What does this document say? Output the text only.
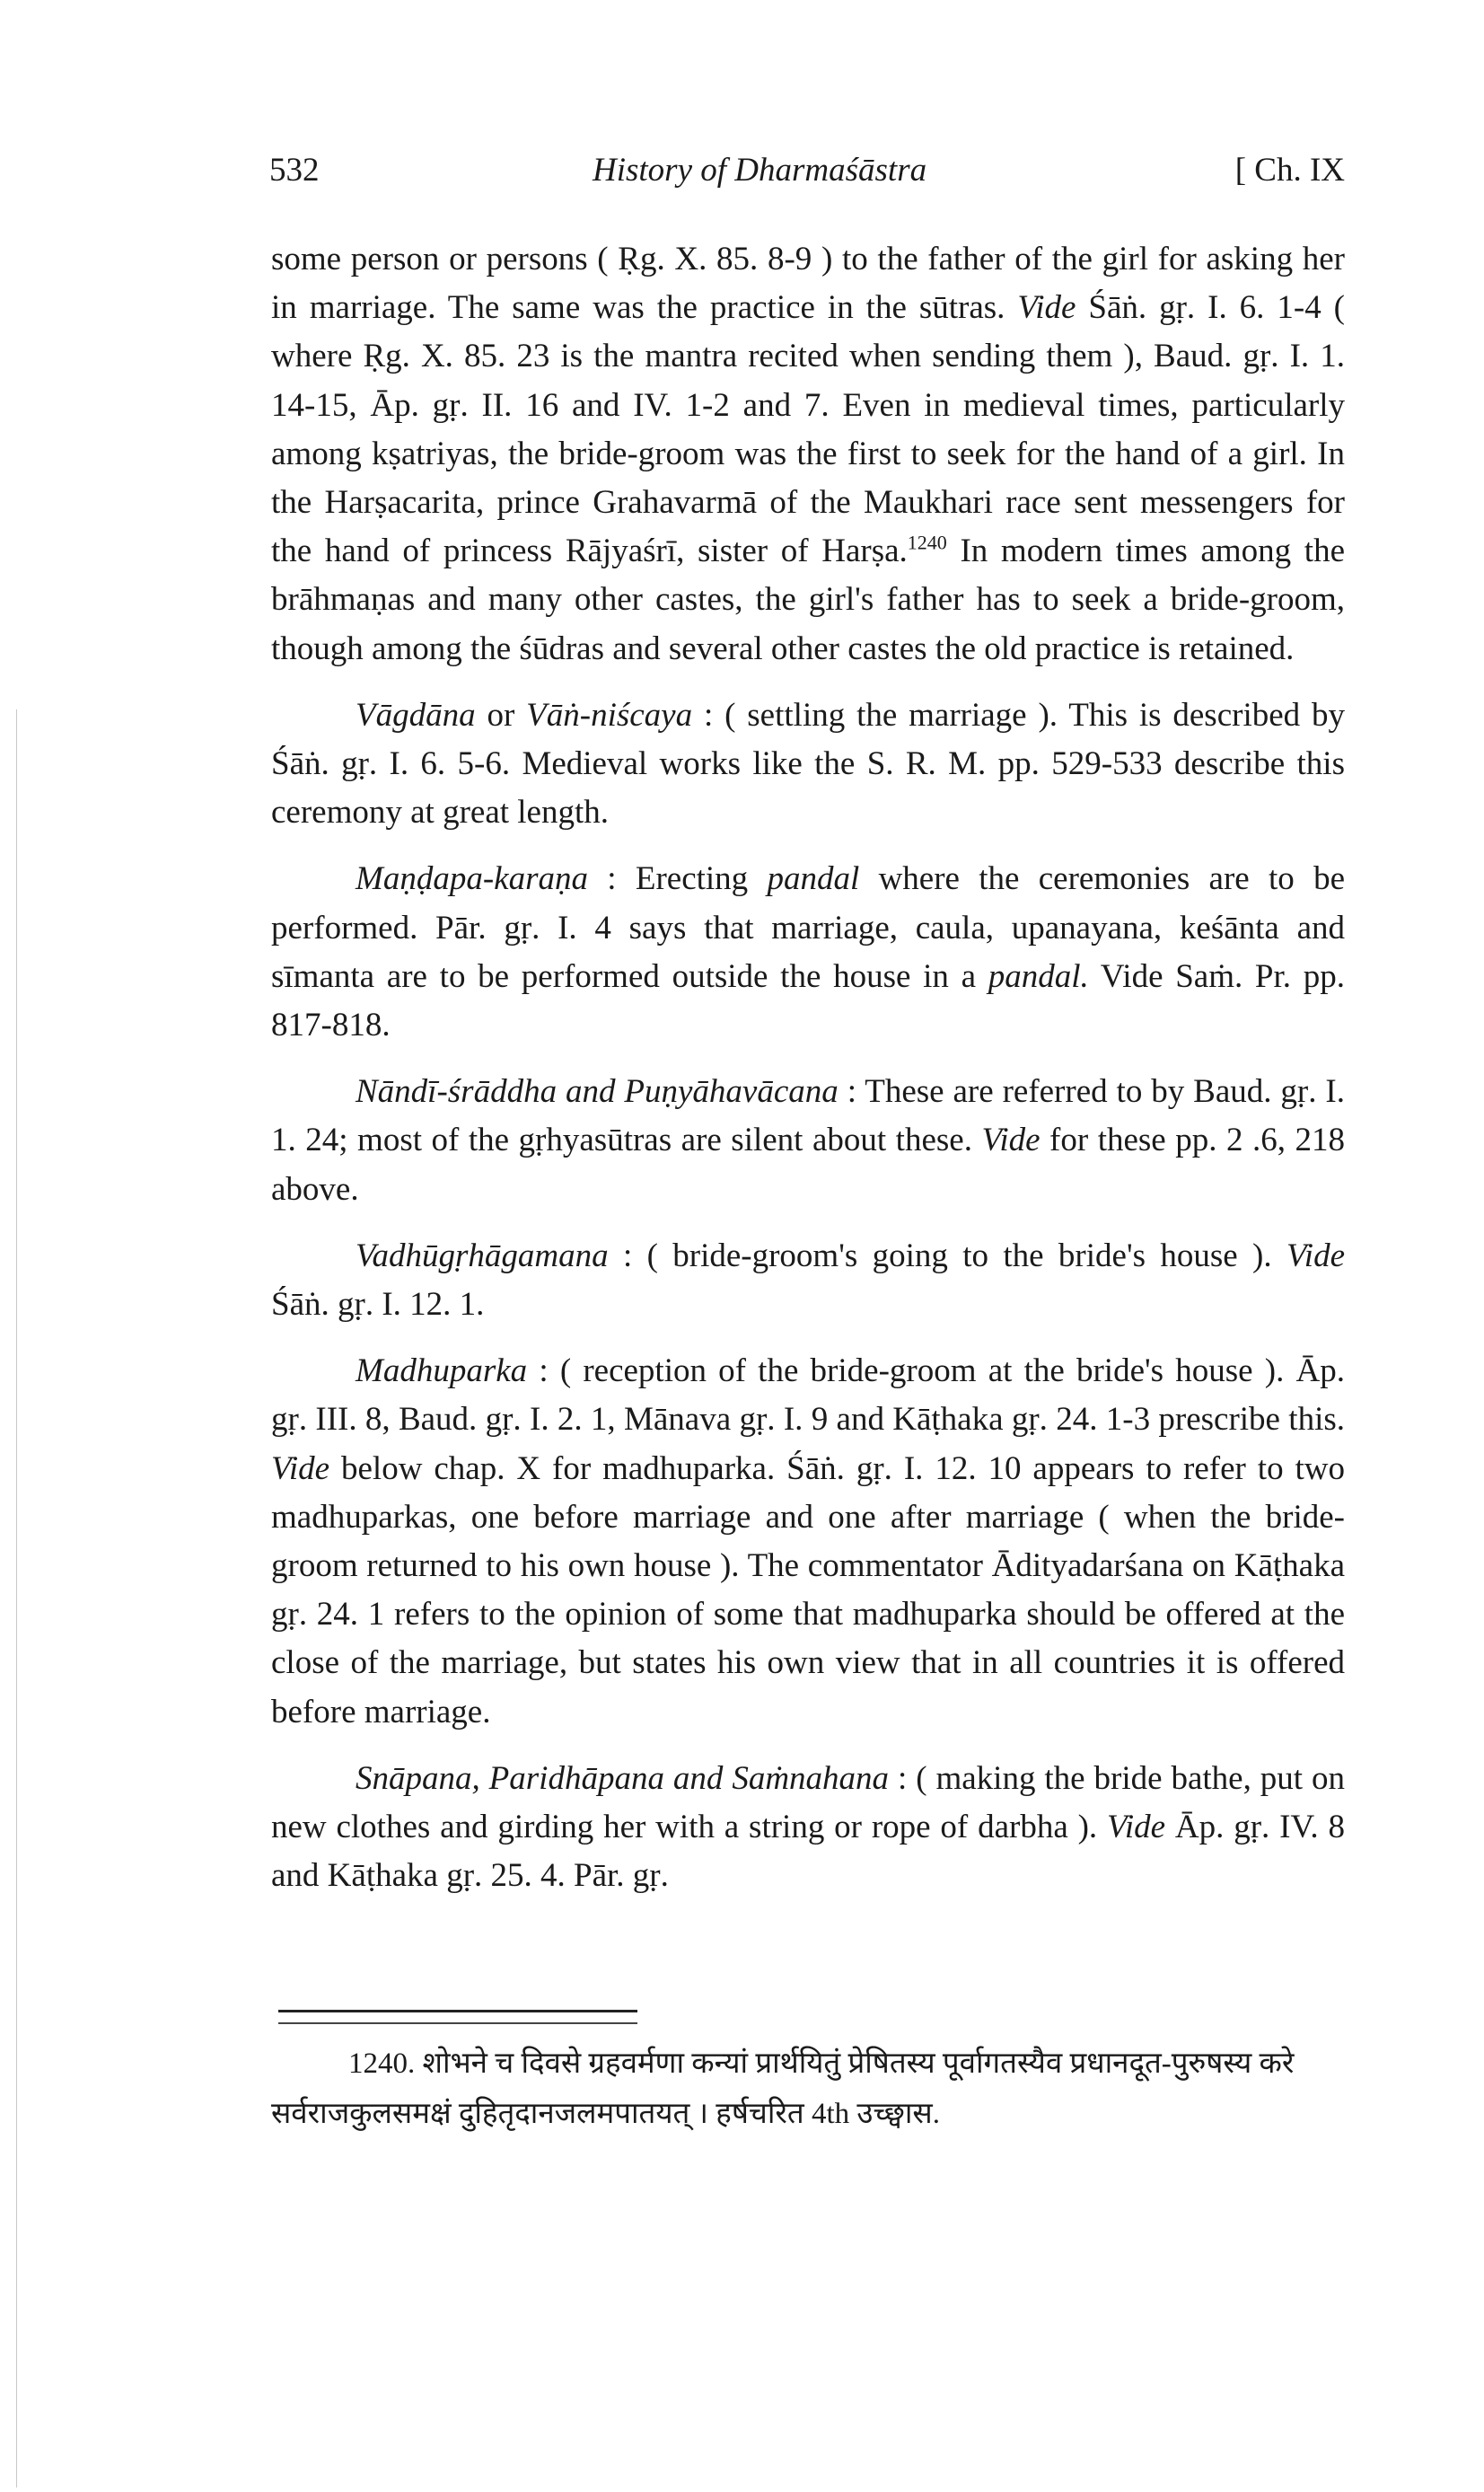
532	History of Dharmaśāstra	[ Ch. IX

some person or persons ( Ṛg. X. 85. 8-9 ) to the father of the girl for asking her in marriage. The same was the practice in the sūtras. Vide Śāṅ. gṛ. I. 6. 1-4 ( where Ṛg. X. 85. 23 is the mantra recited when sending them ), Baud. gṛ. I. 1. 14-15, Āp. gṛ. II. 16 and IV. 1-2 and 7. Even in medieval times, particularly among kṣatriyas, the bride-groom was the first to seek for the hand of a girl. In the Harṣacarita, prince Grahavarmā of the Maukhari race sent messengers for the hand of princess Rājyaśrī, sister of Harṣa.$^{1240}$ In modern times among the brāhmaṇas and many other castes, the girl's father has to seek a bride-groom, though among the śūdras and several other castes the old practice is retained.

Vāgdāna or Vāṅ-niścaya : ( settling the marriage ). This is described by Śāṅ. gṛ. I. 6. 5-6. Medieval works like the S. R. M. pp. 529-533 describe this ceremony at great length.

Maṇḍapa-karaṇa : Erecting pandal where the ceremonies are to be performed. Pār. gṛ. I. 4 says that marriage, caula, upanayana, keśānta and sīmanta are to be performed outside the house in a pandal. Vide Saṁ. Pr. pp. 817-818.

Nāndī-śrāddha and Puṇyāhavācana : These are referred to by Baud. gṛ. I. 1. 24; most of the gṛhyasūtras are silent about these. Vide for these pp. 2 .6, 218 above.

Vadhūgṛhāgamana : ( bride-groom's going to the bride's house ). Vide Śāṅ. gṛ. I. 12. 1.

Madhuparka : ( reception of the bride-groom at the bride's house ). Āp. gṛ. III. 8, Baud. gṛ. I. 2. 1, Mānava gṛ. I. 9 and Kāṭhaka gṛ. 24. 1-3 prescribe this. Vide below chap. X for madhuparka. Śāṅ. gṛ. I. 12. 10 appears to refer to two madhuparkas, one before marriage and one after marriage ( when the bride-groom returned to his own house ). The commentator Ādityadarśana on Kāṭhaka gṛ. 24. 1 refers to the opinion of some that madhuparka should be offered at the close of the marriage, but states his own view that in all countries it is offered before marriage.

Snāpana, Paridhāpana and Saṁnahana : ( making the bride bathe, put on new clothes and girding her with a string or rope of darbha ). Vide Āp. gṛ. IV. 8 and Kāṭhaka gṛ. 25. 4. Pār. gṛ.

1240. शोभने च दिवसे ग्रहवर्मणा कन्यां प्रार्थयितुं प्रेषितस्य पूर्वागतस्यैव प्रधानदूत-पुरुषस्य करे सर्वराजकुलसमक्षं दुहितृदानजलमपातयत् । हर्षचरित 4th उच्छ्वास.
